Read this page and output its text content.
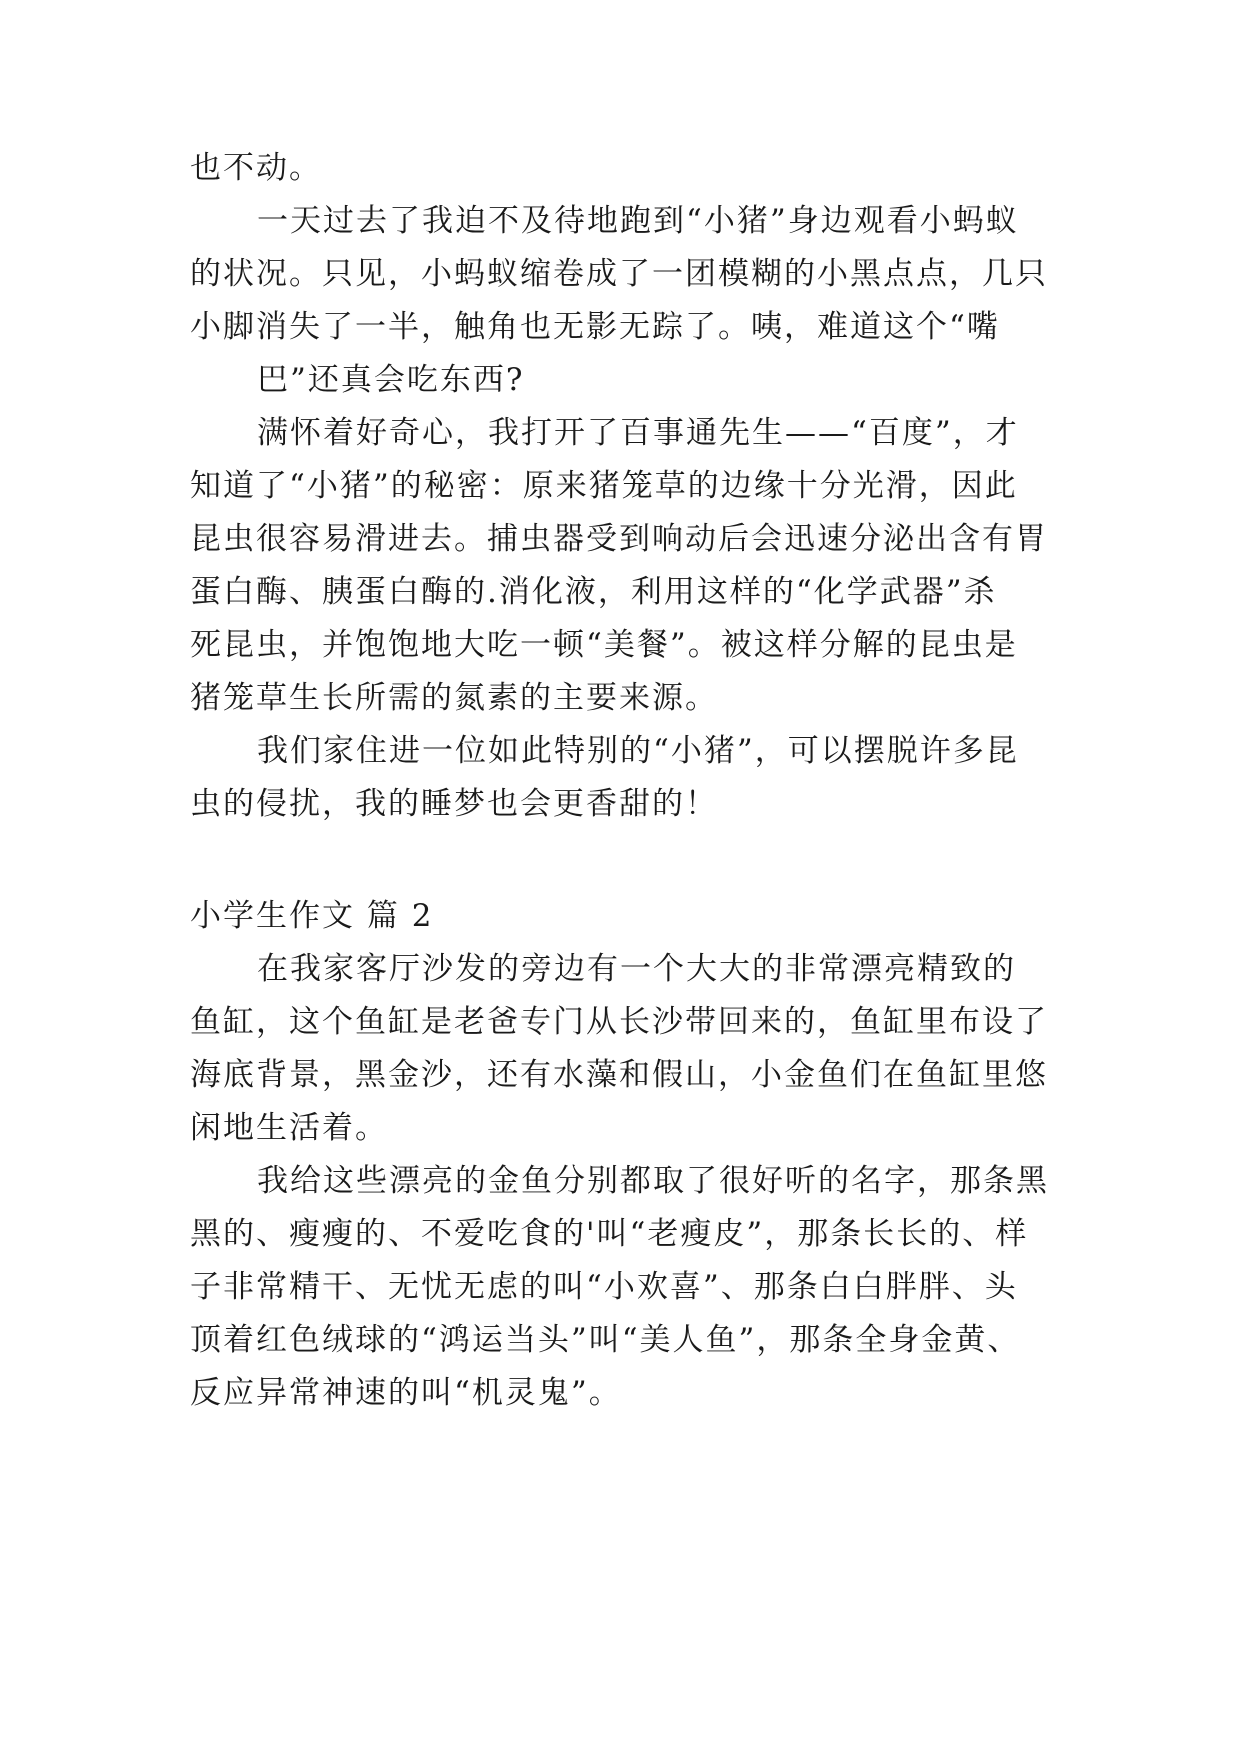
也不动。
一天过去了我迫不及待地跑到“小猪”身边观看小蚂蚁
的状况。只见，小蚂蚁缩卷成了一团模糊的小黑点点，几只
小脚消失了一半，触角也无影无踪了。咦，难道这个“嘴
巴”还真会吃东西?
满怀着好奇心，我打开了百事通先生——“百度”，才
知道了“小猪”的秘密：原来猪笼草的边缘十分光滑，因此
昆虫很容易滑进去。捕虫器受到响动后会迅速分泌出含有胃
蛋白酶、胰蛋白酶的.消化液，利用这样的“化学武器”杀
死昆虫，并饱饱地大吃一顿“美餐”。被这样分解的昆虫是
猪笼草生长所需的氮素的主要来源。
我们家住进一位如此特别的“小猪”，可以摆脱许多昆
虫的侵扰，我的睡梦也会更香甜的！
小学生作文 篇 2
在我家客厅沙发的旁边有一个大大的非常漂亮精致的
鱼缸，这个鱼缸是老爸专门从长沙带回来的，鱼缸里布设了
海底背景，黑金沙，还有水藻和假山，小金鱼们在鱼缸里悠
闲地生活着。
我给这些漂亮的金鱼分别都取了很好听的名字，那条黑
黑的、瘦瘦的、不爱吃食的'叫“老瘦皮”，那条长长的、样
子非常精干、无忧无虑的叫“小欢喜”、那条白白胖胖、头
顶着红色绒球的“鸿运当头”叫“美人鱼”，那条全身金黄、
反应异常神速的叫“机灵鬼”。
